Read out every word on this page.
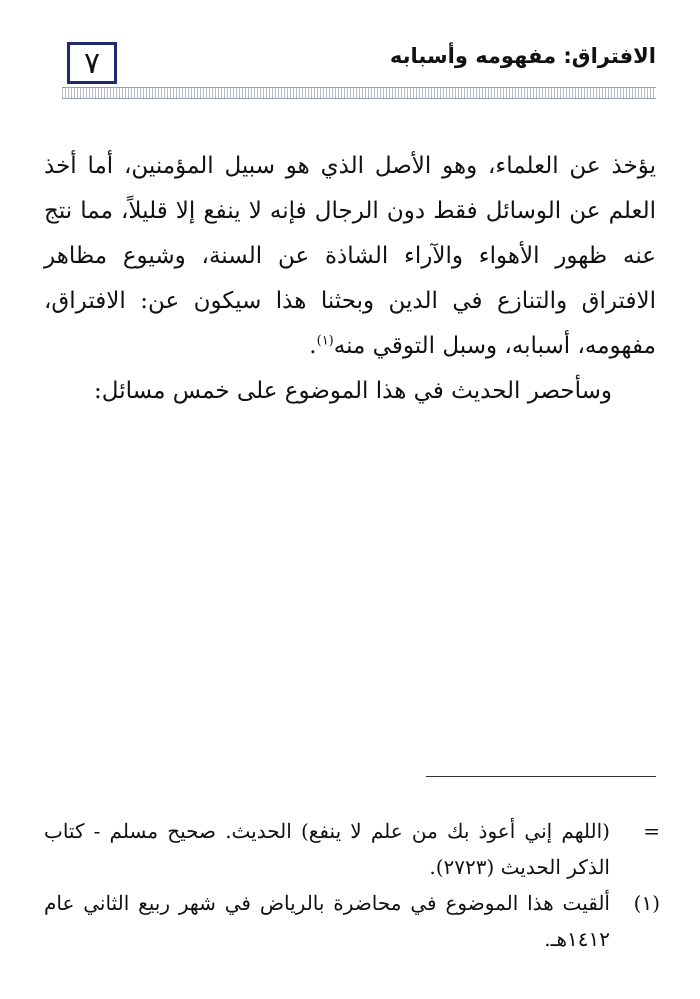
٧	الافتراق: مفهومه وأسبابه

يؤخذ عن العلماء، وهو الأصل الذي هو سبيل المؤمنين، أما أخذ العلم عن الوسائل فقط دون الرجال فإنه لا ينفع إلا قليلاً، مما نتج عنه ظهور الأهواء والآراء الشاذة عن السنة، وشيوع مظاهر الافتراق والتنازع في الدين وبحثنا هذا سيكون عن: الافتراق، مفهومه، أسبابه، وسبل التوقي منه$^{(١)}$.

وسأحصر الحديث في هذا الموضوع على خمس مسائل:

=
(اللهم إني أعوذ بك من علم لا ينفع) الحديث. صحيح مسلم - كتاب الذكر الحديث (٢٧٢٣).
(١)
ألقيت هذا الموضوع في محاضرة بالرياض في شهر ربيع الثاني عام ١٤١٢هـ.
